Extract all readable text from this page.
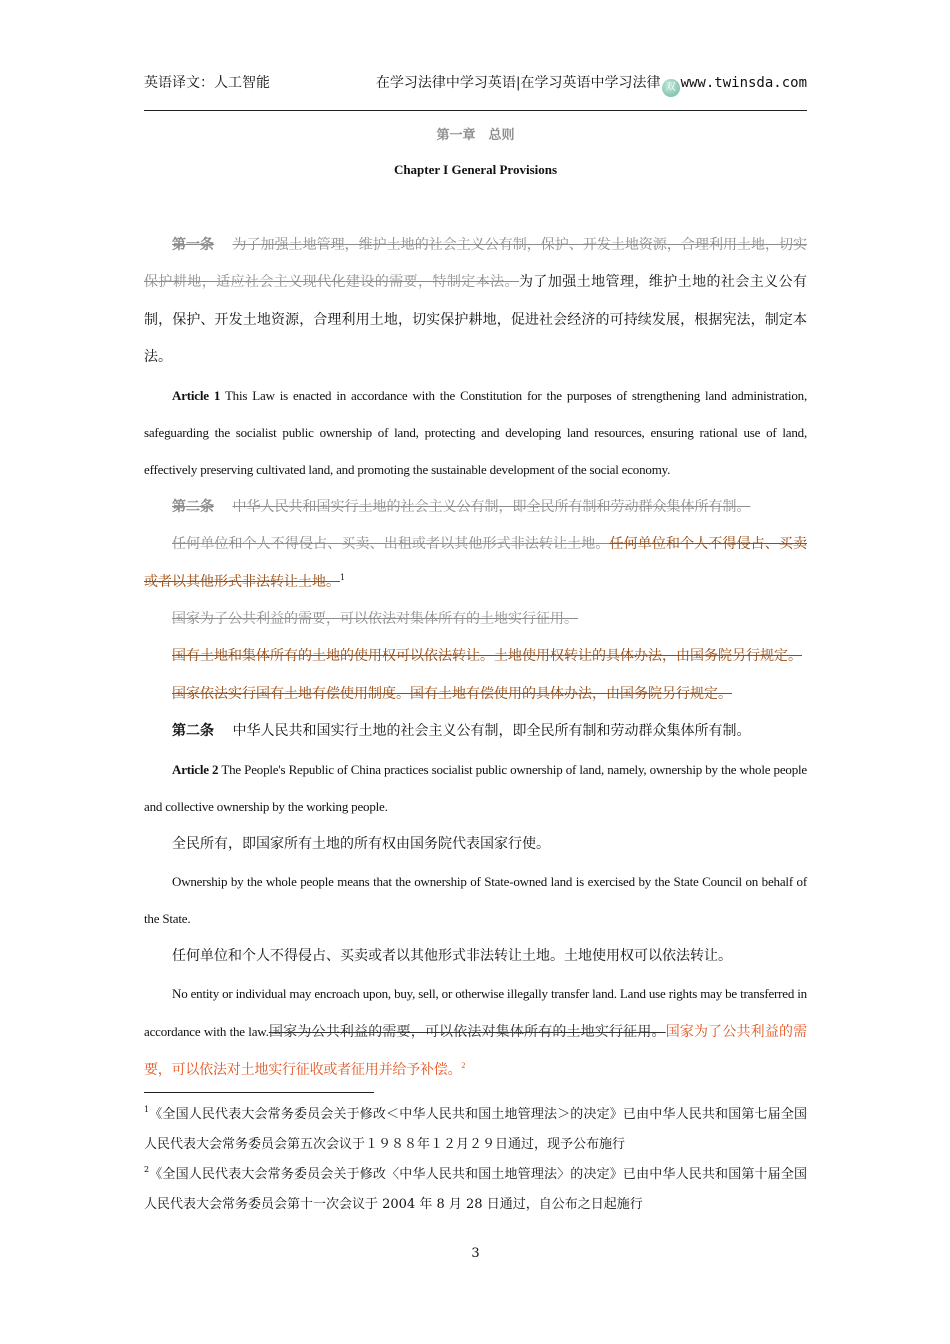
英语译文：人工智能	在学习法律中学习英语|在学习英语中学习法律 双 www.twinsda.com
第一章　总则
Chapter I General Provisions

第一条　 为了加强土地管理，维护土地的社会主义公有制，保护、开发土地资源，合理利用土地，切实保护耕地，适应社会主义现代化建设的需要，特制定本法。为了加强土地管理，维护土地的社会主义公有制，保护、开发土地资源，合理利用土地，切实保护耕地，促进社会经济的可持续发展，根据宪法，制定本法。

Article 1 This Law is enacted in accordance with the Constitution for the purposes of strengthening land administration, safeguarding the socialist public ownership of land, protecting and developing land resources, ensuring rational use of land, effectively preserving cultivated land, and promoting the sustainable development of the social economy.

第二条　 中华人民共和国实行土地的社会主义公有制，即全民所有制和劳动群众集体所有制。

任何单位和个人不得侵占、买卖、出租或者以其他形式非法转让土地。任何单位和个人不得侵占、买卖或者以其他形式非法转让土地。$^1$

国家为了公共利益的需要，可以依法对集体所有的土地实行征用。

国有土地和集体所有的土地的使用权可以依法转让。土地使用权转让的具体办法，由国务院另行规定。

国家依法实行国有土地有偿使用制度。国有土地有偿使用的具体办法，由国务院另行规定。

第二条　 中华人民共和国实行土地的社会主义公有制，即全民所有制和劳动群众集体所有制。

Article 2 The People's Republic of China practices socialist public ownership of land, namely, ownership by the whole people and collective ownership by the working people.

全民所有，即国家所有土地的所有权由国务院代表国家行使。

Ownership by the whole people means that the ownership of State-owned land is exercised by the State Council on behalf of the State.

任何单位和个人不得侵占、买卖或者以其他形式非法转让土地。土地使用权可以依法转让。

No entity or individual may encroach upon, buy, sell, or otherwise illegally transfer land. Land use rights may be transferred in accordance with the law.国家为公共利益的需要，可以依法对集体所有的土地实行征用。国家为了公共利益的需要，可以依法对土地实行征收或者征用并给予补偿。$^2$

$^1$《全国人民代表大会常务委员会关于修改＜中华人民共和国土地管理法＞的决定》已由中华人民共和国第七届全国人民代表大会常务委员会第五次会议于１９８８年１２月２９日通过，现予公布施行

$^2$《全国人民代表大会常务委员会关于修改〈中华人民共和国土地管理法〉的决定》已由中华人民共和国第十届全国人民代表大会常务委员会第十一次会议于 2004 年 8 月 28 日通过，自公布之日起施行

3
